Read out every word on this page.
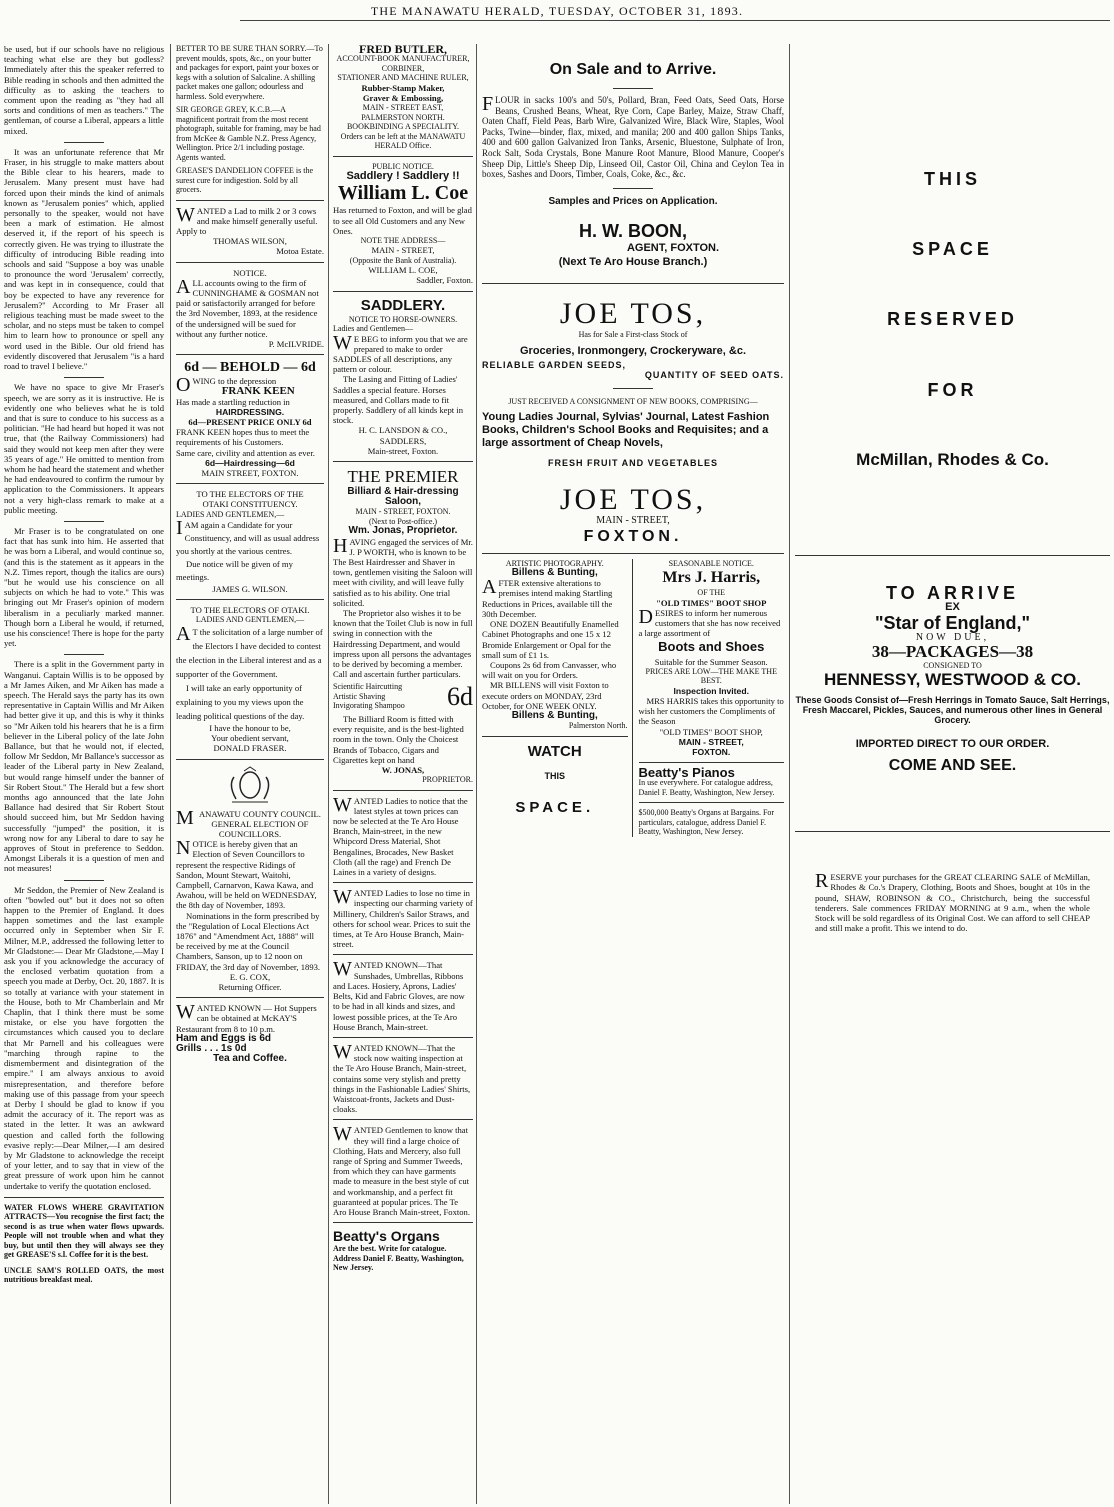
THE MANAWATU HERALD, TUESDAY, OCTOBER 31, 1893.

be used, but if our schools have no religious teaching what else are they but godless? Immediately after this the speaker referred to Bible reading in schools and then admitted the difficulty as to asking the teachers to comment upon the reading as "they had all sorts and conditions of men as teachers." The gentleman, of course a Liberal, appears a little mixed.

It was an unfortunate reference that Mr Fraser, in his struggle to make matters about the Bible clear to his hearers, made to Jerusalem. Many present must have had forced upon their minds the kind of animals known as "Jerusalem ponies" which, applied personally to the speaker, would not have been a mark of estimation. He almost deserved it, if the report of his speech is correctly given. He was trying to illustrate the difficulty of introducing Bible reading into schools and said "Suppose a boy was unable to pronounce the word 'Jerusalem' correctly, and was kept in in consequence, could that boy be expected to have any reverence for Jerusalem?" According to Mr Fraser all religious teaching must be made sweet to the scholar, and no steps must be taken to compel him to learn how to pronounce or spell any word used in the Bible. Our old friend has evidently discovered that Jerusalem "is a hard road to travel I believe."

We have no space to give Mr Fraser's speech, we are sorry as it is instructive. He is evidently one who believes what he is told and that is sure to conduce to his success as a politician. "He had heard but hoped it was not true, that (the Railway Commissioners) had said they would not keep men after they were 35 years of age." He omitted to mention from whom he had heard the statement and whether he had endeavoured to confirm the rumour by application to the Commissioners. It appears not a very high-class remark to make at a public meeting.

Mr Fraser is to be congratulated on one fact that has sunk into him. He asserted that he was born a Liberal, and would continue so, (and this is the statement as it appears in the N.Z. Times report, though the italics are ours) "but he would use his conscience on all subjects on which he had to vote." This was bringing out Mr Fraser's opinion of modern liberalism in a peculiarly marked manner. Though born a Liberal he would, if returned, use his conscience! There is hope for the party yet.

There is a split in the Government party in Wanganui. Captain Willis is to be opposed by a Mr James Aiken, and Mr Aiken has made a speech. The Herald says the party has its own representative in Captain Willis and Mr Aiken had better give it up, and this is why it thinks so "Mr Aiken told his hearers that he is a firm believer in the Liberal policy of the late John Ballance, but that he would not, if elected, follow Mr Seddon, Mr Ballance's successor as leader of the Liberal party in New Zealand, but would range himself under the banner of Sir Robert Stout." The Herald but a few short months ago announced that the late John Ballance had desired that Sir Robert Stout should succeed him, but Mr Seddon having successfully "jumped" the position, it is wrong now for any Liberal to dare to say he approves of Stout in preference to Seddon. Amongst Liberals it is a question of men and not measures!

Mr Seddon, the Premier of New Zealand is often "bowled out" but it does not so often happen to the Premier of England. It does happen sometimes and the last example occurred only in September when Sir F. Milner, M.P., addressed the following letter to Mr Gladstone:— Dear Mr Gladstone,—May I ask you if you acknowledge the accuracy of the enclosed verbatim quotation from a speech you made at Derby, Oct. 20, 1887. It is so totally at variance with your statement in the House, both to Mr Chamberlain and Mr Chaplin, that I think there must be some mistake, or else you have forgotten the circumstances which caused you to declare that Mr Parnell and his colleagues were "marching through rapine to the dismemberment and disintegration of the empire." I am always anxious to avoid misrepresentation, and therefore before making use of this passage from your speech at Derby I should be glad to know if you admit the accuracy of it. The report was as stated in the letter. It was an awkward question and called forth the following evasive reply:—Dear Milner,—I am desired by Mr Gladstone to acknowledge the receipt of your letter, and to say that in view of the great pressure of work upon him he cannot undertake to verify the quotation enclosed.

WATER FLOWS WHERE GRAVITATION ATTRACTS—You recognise the first fact; the second is as true when water flows upwards. People will not trouble when and what they buy, but until then they will always see they get GREASE'S s.l. Coffee for it is the best.

UNCLE SAM'S ROLLED OATS, the most nutritious breakfast meal.

BETTER TO BE SURE THAN SORRY.—To prevent moulds, spots, &c., on your butter and packages for export, paint your boxes or kegs with a solution of Salcaline. A shilling packet makes one gallon; odourless and harmless. Sold everywhere.
SIR GEORGE GREY, K.C.B.—A magnificent portrait from the most recent photograph, suitable for framing, may be had from McKee & Gamble N.Z. Press Agency, Wellington. Price 2/1 including postage. Agents wanted.
GREASE'S DANDELION COFFEE is the surest cure for indigestion. Sold by all grocers.
WANTED a Lad to milk 2 or 3 cows and make himself generally useful. Apply to
THOMAS WILSON,
Motoa Estate.
NOTICE.
ALL accounts owing to the firm of CUNNINGHAME & GOSMAN not paid or satisfactorily arranged for before the 3rd November, 1893, at the residence of the undersigned will be sued for without any further notice.
P. McILVRIDE.
6d — BEHOLD — 6d
OWING to the depression
FRANK KEEN
Has made a startling reduction in
HAIRDRESSING.
6d—PRESENT PRICE ONLY 6d
FRANK KEEN hopes thus to meet the requirements of his Customers.
Same care, civility and attention as ever.
6d—Hairdressing—6d
MAIN STREET, FOXTON.
TO THE ELECTORS OF THE
OTAKI CONSTITUENCY.
LADIES AND GENTLEMEN,—
IAM again a Candidate for your Constituency, and will as usual address you shortly at the various centres.
Due notice will be given of my meetings.
JAMES G. WILSON.
TO THE ELECTORS OF OTAKI.
LADIES AND GENTLEMEN,—
AT the solicitation of a large number of the Electors I have decided to contest the election in the Liberal interest and as a supporter of the Government.
I will take an early opportunity of explaining to you my views upon the leading political questions of the day.
I have the honour to be,
Your obedient servant,
DONALD FRASER.
MANAWATU COUNTY COUNCIL.
GENERAL ELECTION OF COUNCILLORS.
NOTICE is hereby given that an Election of Seven Councillors to represent the respective Ridings of Sandon, Mount Stewart, Waitohi, Campbell, Carnarvon, Kawa Kawa, and Awahou, will be held on WEDNESDAY, the 8th day of November, 1893.
Nominations in the form prescribed by the "Regulation of Local Elections Act 1876" and "Amendment Act, 1888" will be received by me at the Council Chambers, Sanson, up to 12 noon on FRIDAY, the 3rd day of November, 1893.
E. G. COX,
Returning Officer.
WANTED KNOWN — Hot Suppers can be obtained at McKAY'S Restaurant from 8 to 10 p.m.
Ham and Eggs is 6d
Grills . . . 1s 0d
Tea and Coffee.
FRED BUTLER,
ACCOUNT-BOOK MANUFACTURER,
CORBINER,
STATIONER AND MACHINE RULER,
Rubber-Stamp Maker,
Graver & Embossing,
MAIN - STREET EAST,
PALMERSTON NORTH.
BOOKBINDING A SPECIALITY.
Orders can be left at the MANAWATU HERALD Office.
PUBLIC NOTICE.
Saddlery ! Saddlery !!
William L. Coe
Has returned to Foxton, and will be glad to see all Old Customers and any New Ones.
NOTE THE ADDRESS—
MAIN - STREET,
(Opposite the Bank of Australia).
WILLIAM L. COE,
Saddler, Foxton.
SADDLERY.
NOTICE TO HORSE-OWNERS.
Ladies and Gentlemen—
WE BEG to inform you that we are prepared to make to order SADDLES of all descriptions, any pattern or colour.
The Lasing and Fitting of Ladies' Saddles a special feature. Horses measured, and Collars made to fit properly. Saddlery of all kinds kept in stock.
H. C. LANSDON & CO.,
SADDLERS,
Main-street, Foxton.
THE PREMIER
Billiard & Hair-dressing Saloon,
MAIN - STREET, FOXTON.
(Next to Post-office.)
Wm. Jonas, Proprietor.
HAVING engaged the services of Mr. J. P WORTH, who is known to be The Best Hairdresser and Shaver in town, gentlemen visiting the Saloon will meet with civility, and will leave fully satisfied as to his ability. One trial solicited.
The Proprietor also wishes it to be known that the Toilet Club is now in full swing in connection with the Hairdressing Department, and would impress upon all persons the advantages to be derived by becoming a member. Call and ascertain further particulars.
Scientific Haircutting
Artistic Shaving
Invigorating Shampoo	6d
The Billiard Room is fitted with every requisite, and is the best-lighted room in the town. Only the Choicest Brands of Tobacco, Cigars and Cigarettes kept on hand
W. JONAS,
PROPRIETOR.
WANTED Ladies to notice that the latest styles at town prices can now be selected at the Te Aro House Branch, Main-street, in the new Whipcord Dress Material, Shot Bengalines, Brocades, New Basket Cloth (all the rage) and French De Laines in a variety of designs.
WANTED Ladies to lose no time in inspecting our charming variety of Millinery, Children's Sailor Straws, and others for school wear. Prices to suit the times, at Te Aro House Branch, Main-street.
WANTED KNOWN—That Sunshades, Umbrellas, Ribbons and Laces. Hosiery, Aprons, Ladies' Belts, Kid and Fabric Gloves, are now to be had in all kinds and sizes, and lowest possible prices, at the Te Aro House Branch, Main-street.
WANTED KNOWN—That the stock now waiting inspection at the Te Aro House Branch, Main-street, contains some very stylish and pretty things in the Fashionable Ladies' Shirts, Waistcoat-fronts, Jackets and Dust-cloaks.
WANTED Gentlemen to know that they will find a large choice of Clothing, Hats and Mercery, also full range of Spring and Summer Tweeds, from which they can have garments made to measure in the best style of cut and workmanship, and a perfect fit guaranteed at popular prices. The Te Aro House Branch Main-street, Foxton.
Beatty's Organs
Are the best. Write for catalogue. Address Daniel F. Beatty, Washington, New Jersey.
On Sale and to Arrive.
FLOUR in sacks 100's and 50's, Pollard, Bran, Feed Oats, Seed Oats, Horse Beans, Crushed Beans, Wheat, Rye Corn, Cape Barley, Maize, Straw Chaff, Oaten Chaff, Field Peas, Barb Wire, Galvanized Wire, Black Wire, Staples, Wool Packs, Twine—binder, flax, mixed, and manila; 200 and 400 gallon Ships Tanks, 400 and 600 gallon Galvanized Iron Tanks, Arsenic, Bluestone, Sulphate of Iron, Rock Salt, Soda Crystals, Bone Manure Root Manure, Blood Manure, Cooper's Sheep Dip, Little's Sheep Dip, Linseed Oil, Castor Oil, China and Ceylon Tea in boxes, Sashes and Doors, Timber, Coals, Coke, &c., &c.
Samples and Prices on Application.
H. W. BOON,
AGENT, FOXTON.
(Next Te Aro House Branch.)
JOE TOS,
Has for Sale a First-class Stock of
Groceries, Ironmongery, Crockeryware, &c.
RELIABLE GARDEN SEEDS,
QUANTITY OF SEED OATS.
JUST RECEIVED A CONSIGNMENT OF NEW BOOKS, COMPRISING—
Young Ladies Journal, Sylvias' Journal, Latest Fashion Books, Children's School Books and Requisites; and a large assortment of Cheap Novels,
FRESH FRUIT AND VEGETABLES
JOE TOS,
MAIN - STREET,
FOXTON.
ARTISTIC PHOTOGRAPHY.
Billens & Bunting,
AFTER extensive alterations to premises intend making Startling Reductions in Prices, available till the 30th December.
ONE DOZEN Beautifully Enamelled Cabinet Photographs and one 15 x 12 Bromide Enlargement or Opal for the small sum of £1 1s.
Coupons 2s 6d from Canvasser, who will wait on you for Orders.
MR BILLENS will visit Foxton to execute orders on MONDAY, 23rd October, for ONE WEEK ONLY.
Billens & Bunting,
Palmerston North.
WATCH
THIS
SPACE.
SEASONABLE NOTICE.
Mrs J. Harris,
OF THE
"OLD TIMES" BOOT SHOP
DESIRES to inform her numerous customers that she has now received a large assortment of
Boots and Shoes
Suitable for the Summer Season.
PRICES ARE LOW—THE MAKE THE BEST.
Inspection Invited.
MRS HARRIS takes this opportunity to wish her customers the Compliments of the Season
"OLD TIMES" BOOT SHOP,
MAIN - STREET,
FOXTON.
Beatty's Pianos
In use everywhere. For catalogue address, Daniel F. Beatty, Washington, New Jersey.
$500,000 Beatty's Organs at Bargains. For particulars, catalogue, address Daniel F. Beatty, Washington, New Jersey.
THIS
SPACE
RESERVED
FOR
McMillan, Rhodes & Co.
TO ARRIVE
EX
"Star of England,"
NOW DUE,
38—PACKAGES—38
CONSIGNED TO
HENNESSY, WESTWOOD & CO.
These Goods Consist of—Fresh Herrings in Tomato Sauce, Salt Herrings, Fresh Maccarel, Pickles, Sauces, and numerous other lines in General Grocery.
IMPORTED DIRECT TO OUR ORDER.
COME AND SEE.
RESERVE your purchases for the GREAT CLEARING SALE of McMillan, Rhodes & Co.'s Drapery, Clothing, Boots and Shoes, bought at 10s in the pound, SHAW, ROBINSON & CO., Christchurch, being the successful tenderers. Sale commences FRIDAY MORNING at 9 a.m., when the whole Stock will be sold regardless of its Original Cost. We can afford to sell CHEAP and still make a profit. This we intend to do.
